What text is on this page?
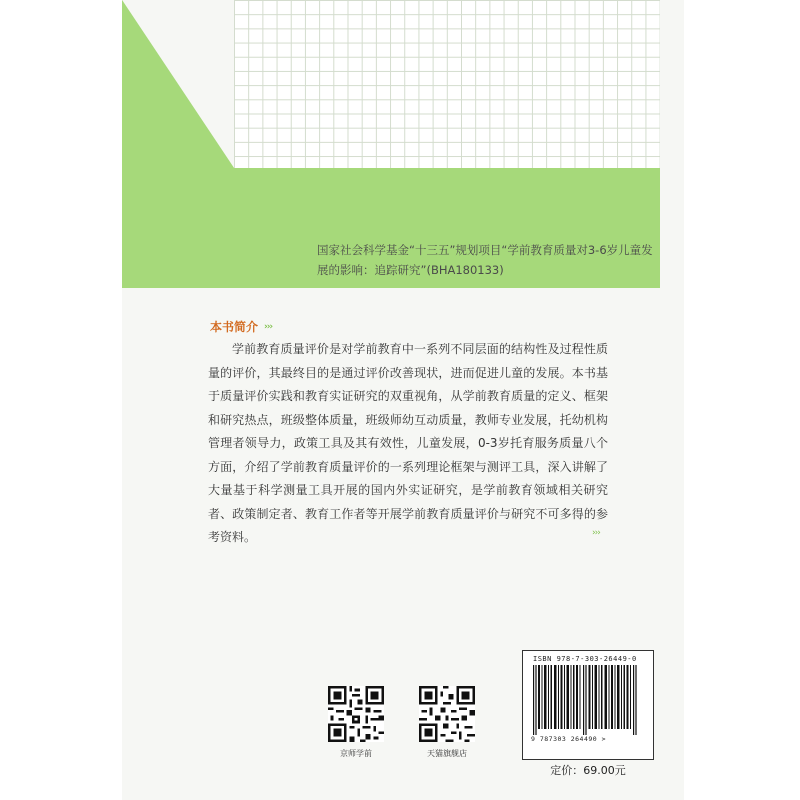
国家社会科学基金“十三五”规划项目“学前教育质量对3-6岁儿童发展的影响：追踪研究”(BHA180133)
本书简介 ›››
学前教育质量评价是对学前教育中一系列不同层面的结构性及过程性质量的评价，其最终目的是通过评价改善现状，进而促进儿童的发展。本书基于质量评价实践和教育实证研究的双重视角，从学前教育质量的定义、框架和研究热点，班级整体质量，班级师幼互动质量，教师专业发展，托幼机构管理者领导力，政策工具及其有效性，儿童发展，0-3岁托育服务质量八个方面，介绍了学前教育质量评价的一系列理论框架与测评工具，深入讲解了大量基于科学测量工具开展的国内外实证研究，是学前教育领域相关研究者、政策制定者、教育工作者等开展学前教育质量评价与研究不可多得的参考资料。	›››
京师学前	天猫旗舰店
ISBN 978-7-303-26449-0
9 787303 264490 >
定价：69.00元
